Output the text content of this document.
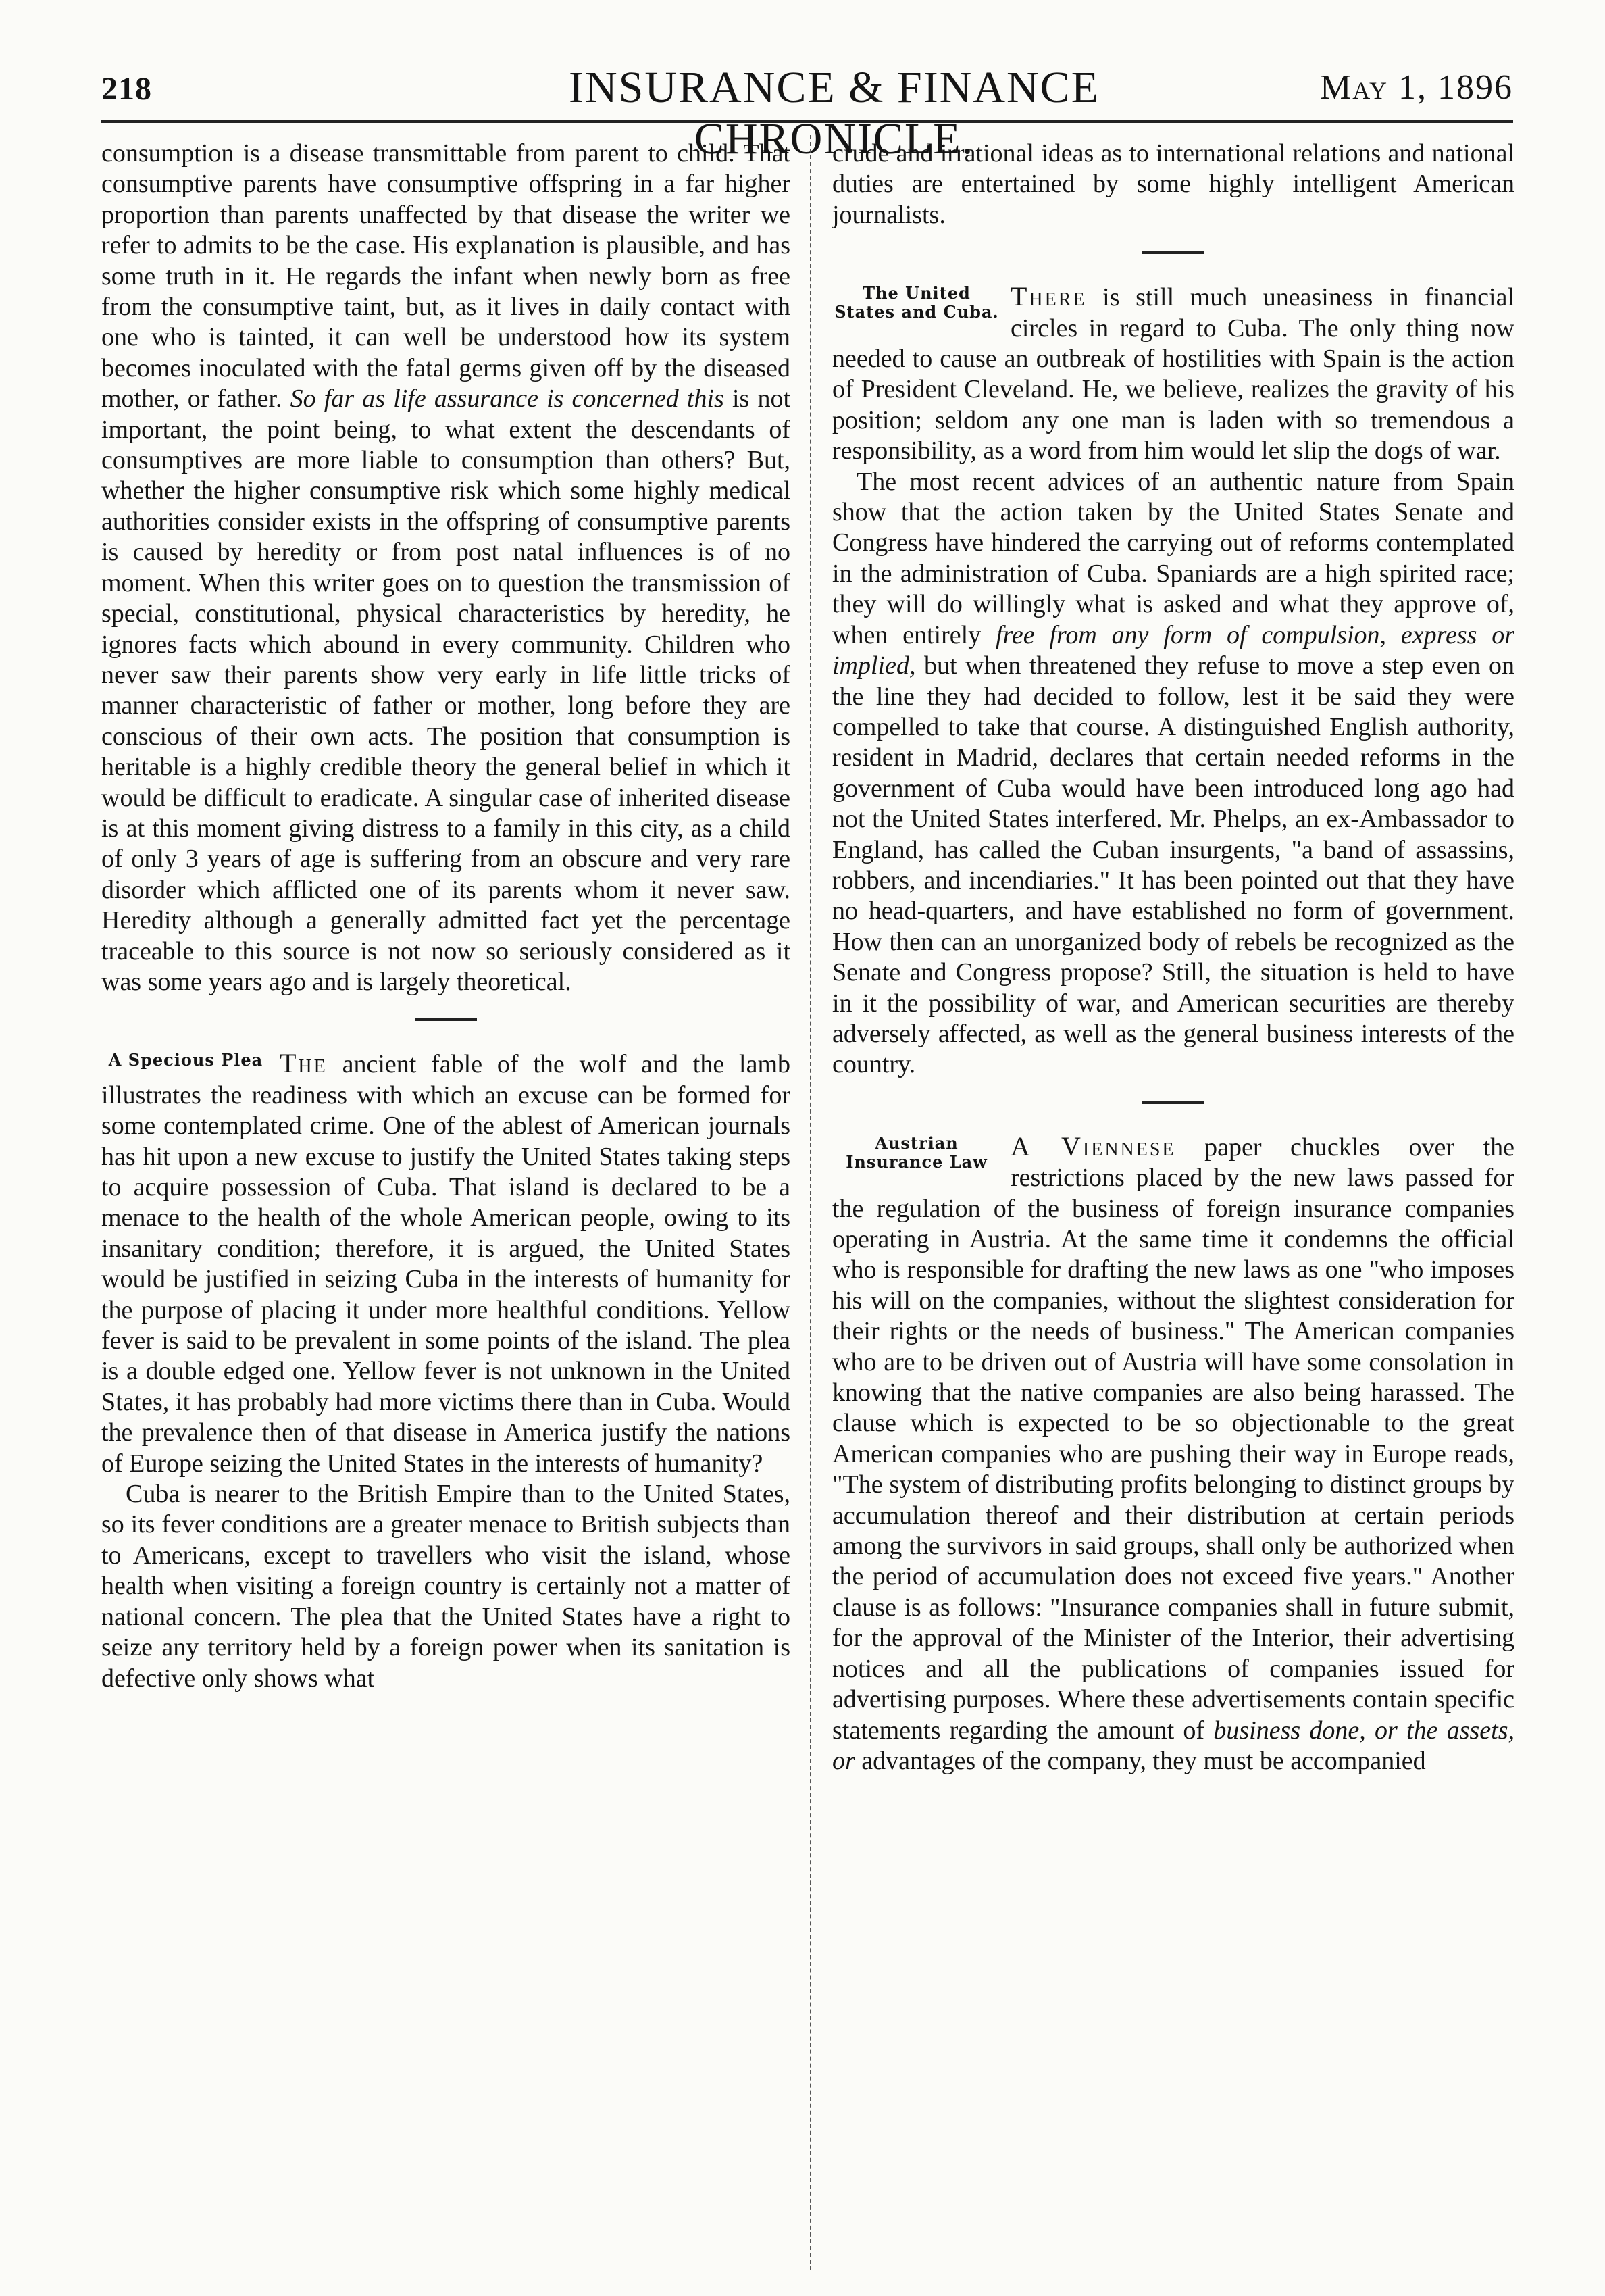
218	INSURANCE & FINANCE CHRONICLE.
May 1, 1896

consumption is a disease transmittable from parent to child. That consumptive parents have consumptive offspring in a far higher proportion than parents unaffected by that disease the writer we refer to admits to be the case. His explanation is plausible, and has some truth in it. He regards the infant when newly born as free from the consumptive taint, but, as it lives in daily contact with one who is tainted, it can well be understood how its system becomes inoculated with the fatal germs given off by the diseased mother, or father. So far as life assurance is concerned this is not important, the point being, to what extent the descendants of consumptives are more liable to consumption than others? But, whether the higher consumptive risk which some highly medical authorities consider exists in the offspring of consumptive parents is caused by heredity or from post natal influences is of no moment. When this writer goes on to question the transmission of special, constitutional, physical characteristics by heredity, he ignores facts which abound in every community. Children who never saw their parents show very early in life little tricks of manner characteristic of father or mother, long before they are conscious of their own acts. The position that consumption is heritable is a highly credible theory the general belief in which it would be difficult to eradicate. A singular case of inherited disease is at this moment giving distress to a family in this city, as a child of only 3 years of age is suffering from an obscure and very rare disorder which afflicted one of its parents whom it never saw. Heredity although a generally admitted fact yet the percentage traceable to this source is not now so seriously considered as it was some years ago and is largely theoretical.

A Specious Plea The ancient fable of the wolf and the lamb illustrates the readiness with which an excuse can be formed for some contemplated crime. One of the ablest of American journals has hit upon a new excuse to justify the United States taking steps to acquire possession of Cuba. That island is declared to be a menace to the health of the whole American people, owing to its insanitary condition; therefore, it is argued, the United States would be justified in seizing Cuba in the interests of humanity for the purpose of placing it under more healthful conditions. Yellow fever is said to be prevalent in some points of the island. The plea is a double edged one. Yellow fever is not unknown in the United States, it has probably had more victims there than in Cuba. Would the prevalence then of that disease in America justify the nations of Europe seizing the United States in the interests of humanity?

Cuba is nearer to the British Empire than to the United States, so its fever conditions are a greater menace to British subjects than to Americans, except to travellers who visit the island, whose health when visiting a foreign country is certainly not a matter of national concern. The plea that the United States have a right to seize any territory held by a foreign power when its sanitation is defective only shows what

crude and irrational ideas as to international relations and national duties are entertained by some highly intelligent American journalists.

The United States and Cuba.

There is still much uneasiness in financial circles in regard to Cuba. The only thing now needed to cause an outbreak of hostilities with Spain is the action of President Cleveland. He, we believe, realizes the gravity of his position; seldom any one man is laden with so tremendous a responsibility, as a word from him would let slip the dogs of war.

The most recent advices of an authentic nature from Spain show that the action taken by the United States Senate and Congress have hindered the carrying out of reforms contemplated in the administration of Cuba. Spaniards are a high spirited race; they will do willingly what is asked and what they approve of, when entirely free from any form of compulsion, express or implied, but when threatened they refuse to move a step even on the line they had decided to follow, lest it be said they were compelled to take that course. A distinguished English authority, resident in Madrid, declares that certain needed reforms in the government of Cuba would have been introduced long ago had not the United States interfered. Mr. Phelps, an ex-Ambassador to England, has called the Cuban insurgents, "a band of assassins, robbers, and incendiaries." It has been pointed out that they have no head-quarters, and have established no form of government. How then can an unorganized body of rebels be recognized as the Senate and Congress propose? Still, the situation is held to have in it the possibility of war, and American securities are thereby adversely affected, as well as the general business interests of the country.

Austrian Insurance Law

A Viennese paper chuckles over the restrictions placed by the new laws passed for the regulation of the business of foreign insurance companies operating in Austria. At the same time it condemns the official who is responsible for drafting the new laws as one "who imposes his will on the companies, without the slightest consideration for their rights or the needs of business." The American companies who are to be driven out of Austria will have some consolation in knowing that the native companies are also being harassed. The clause which is expected to be so objectionable to the great American companies who are pushing their way in Europe reads, "The system of distributing profits belonging to distinct groups by accumulation thereof and their distribution at certain periods among the survivors in said groups, shall only be authorized when the period of accumulation does not exceed five years." Another clause is as follows: "Insurance companies shall in future submit, for the approval of the Minister of the Interior, their advertising notices and all the publications of companies issued for advertising purposes. Where these advertisements contain specific statements regarding the amount of business done, or the assets, or advantages of the company, they must be accompanied
